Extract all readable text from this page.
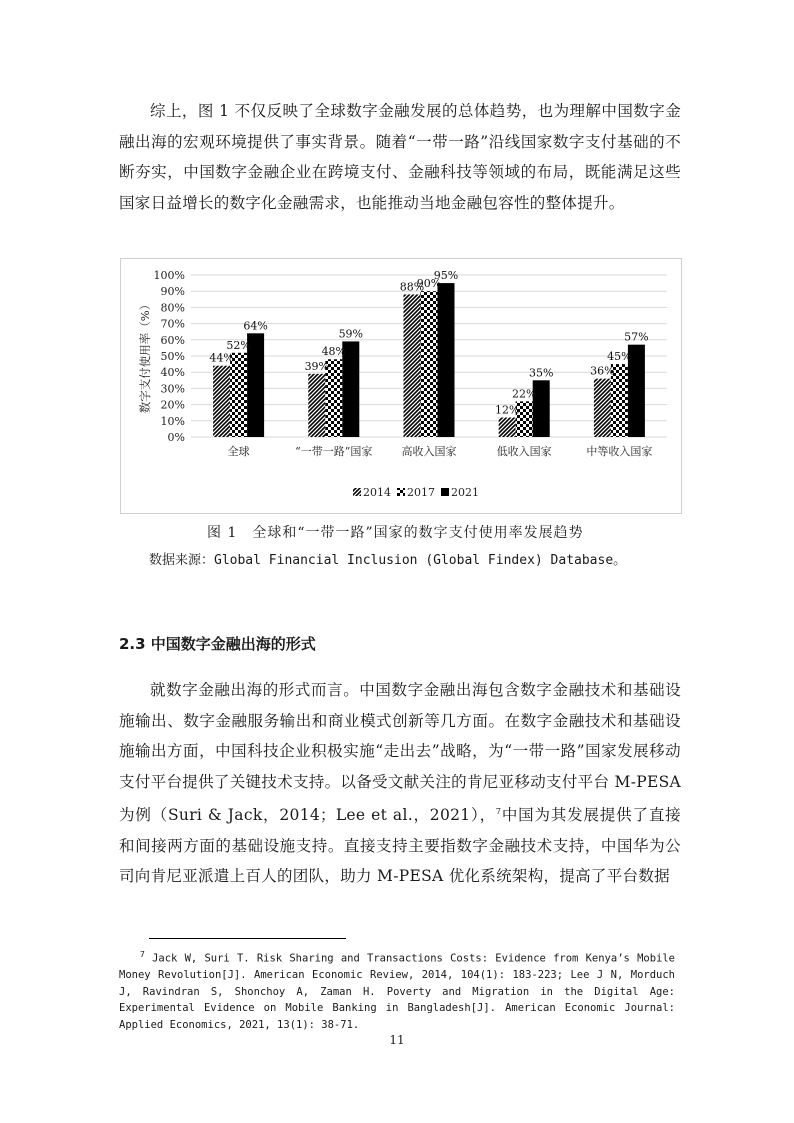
综上，图 1 不仅反映了全球数字金融发展的总体趋势，也为理解中国数字金融出海的宏观环境提供了事实背景。随着“一带一路”沿线国家数字支付基础的不断夯实，中国数字金融企业在跨境支付、金融科技等领域的布局，既能满足这些国家日益增长的数字化金融需求，也能推动当地金融包容性的整体提升。

0%
10%
20%
30%
40%
50%
60%
70%
80%
90%
100%
数字支付使用率（%）	44%
52%
64%
全球
39%
48%
59%
“一带一路”国家
88%
90%
95%
高收入国家
12%
22%
35%
低收入国家
36%
45%
57%
中等收入国家
2014 2017 2021

图 1　全球和“一带一路”国家的数字支付使用率发展趋势

数据来源：Global Financial Inclusion (Global Findex) Database。

2.3 中国数字金融出海的形式

就数字金融出海的形式而言。中国数字金融出海包含数字金融技术和基础设施输出、数字金融服务输出和商业模式创新等几方面。在数字金融技术和基础设施输出方面，中国科技企业积极实施“走出去”战略，为“一带一路”国家发展移动支付平台提供了关键技术支持。以备受文献关注的肯尼亚移动支付平台 M-PESA 为例（Suri & Jack，2014；Lee et al.，2021），$^7$中国为其发展提供了直接和间接两方面的基础设施支持。直接支持主要指数字金融技术支持，中国华为公司向肯尼亚派遣上百人的团队，助力 M-PESA 优化系统架构，提高了平台数据

$^7$ Jack W, Suri T. Risk Sharing and Transactions Costs: Evidence from Kenya’s Mobile Money Revolution[J]. American Economic Review, 2014, 104(1): 183-223; Lee J N, Morduch J, Ravindran S, Shonchoy A, Zaman H. Poverty and Migration in the Digital Age: Experimental Evidence on Mobile Banking in Bangladesh[J]. American Economic Journal: Applied Economics, 2021, 13(1): 38-71.

11
